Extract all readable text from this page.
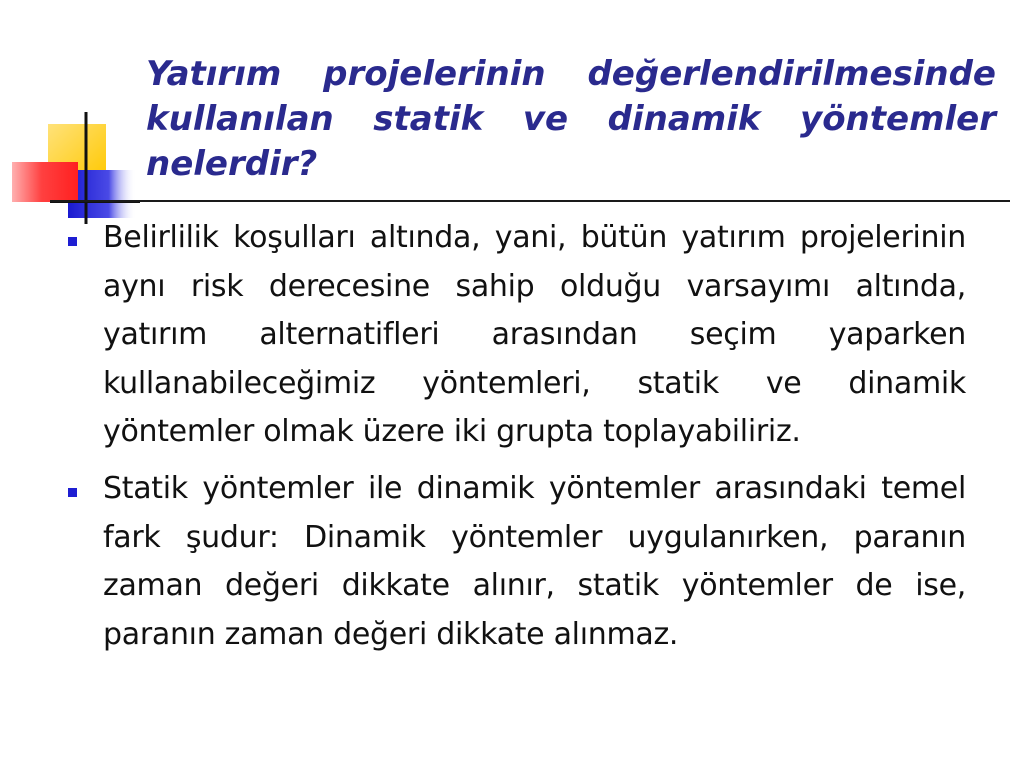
Yatırım projelerinin değerlendirilmesinde kullanılan statik ve dinamik yöntemler nelerdir?
Belirlilik koşulları altında, yani, bütün yatırım projelerinin aynı risk derecesine sahip olduğu varsayımı altında, yatırım alternatifleri arasından seçim yaparken kullanabileceğimiz yöntemleri, statik ve dinamik yöntemler olmak üzere iki grupta toplayabiliriz.
Statik yöntemler ile dinamik yöntemler arasındaki temel fark şudur: Dinamik yöntemler uygulanırken, paranın zaman değeri dikkate alınır, statik yöntemler de ise, paranın zaman değeri dikkate alınmaz.
